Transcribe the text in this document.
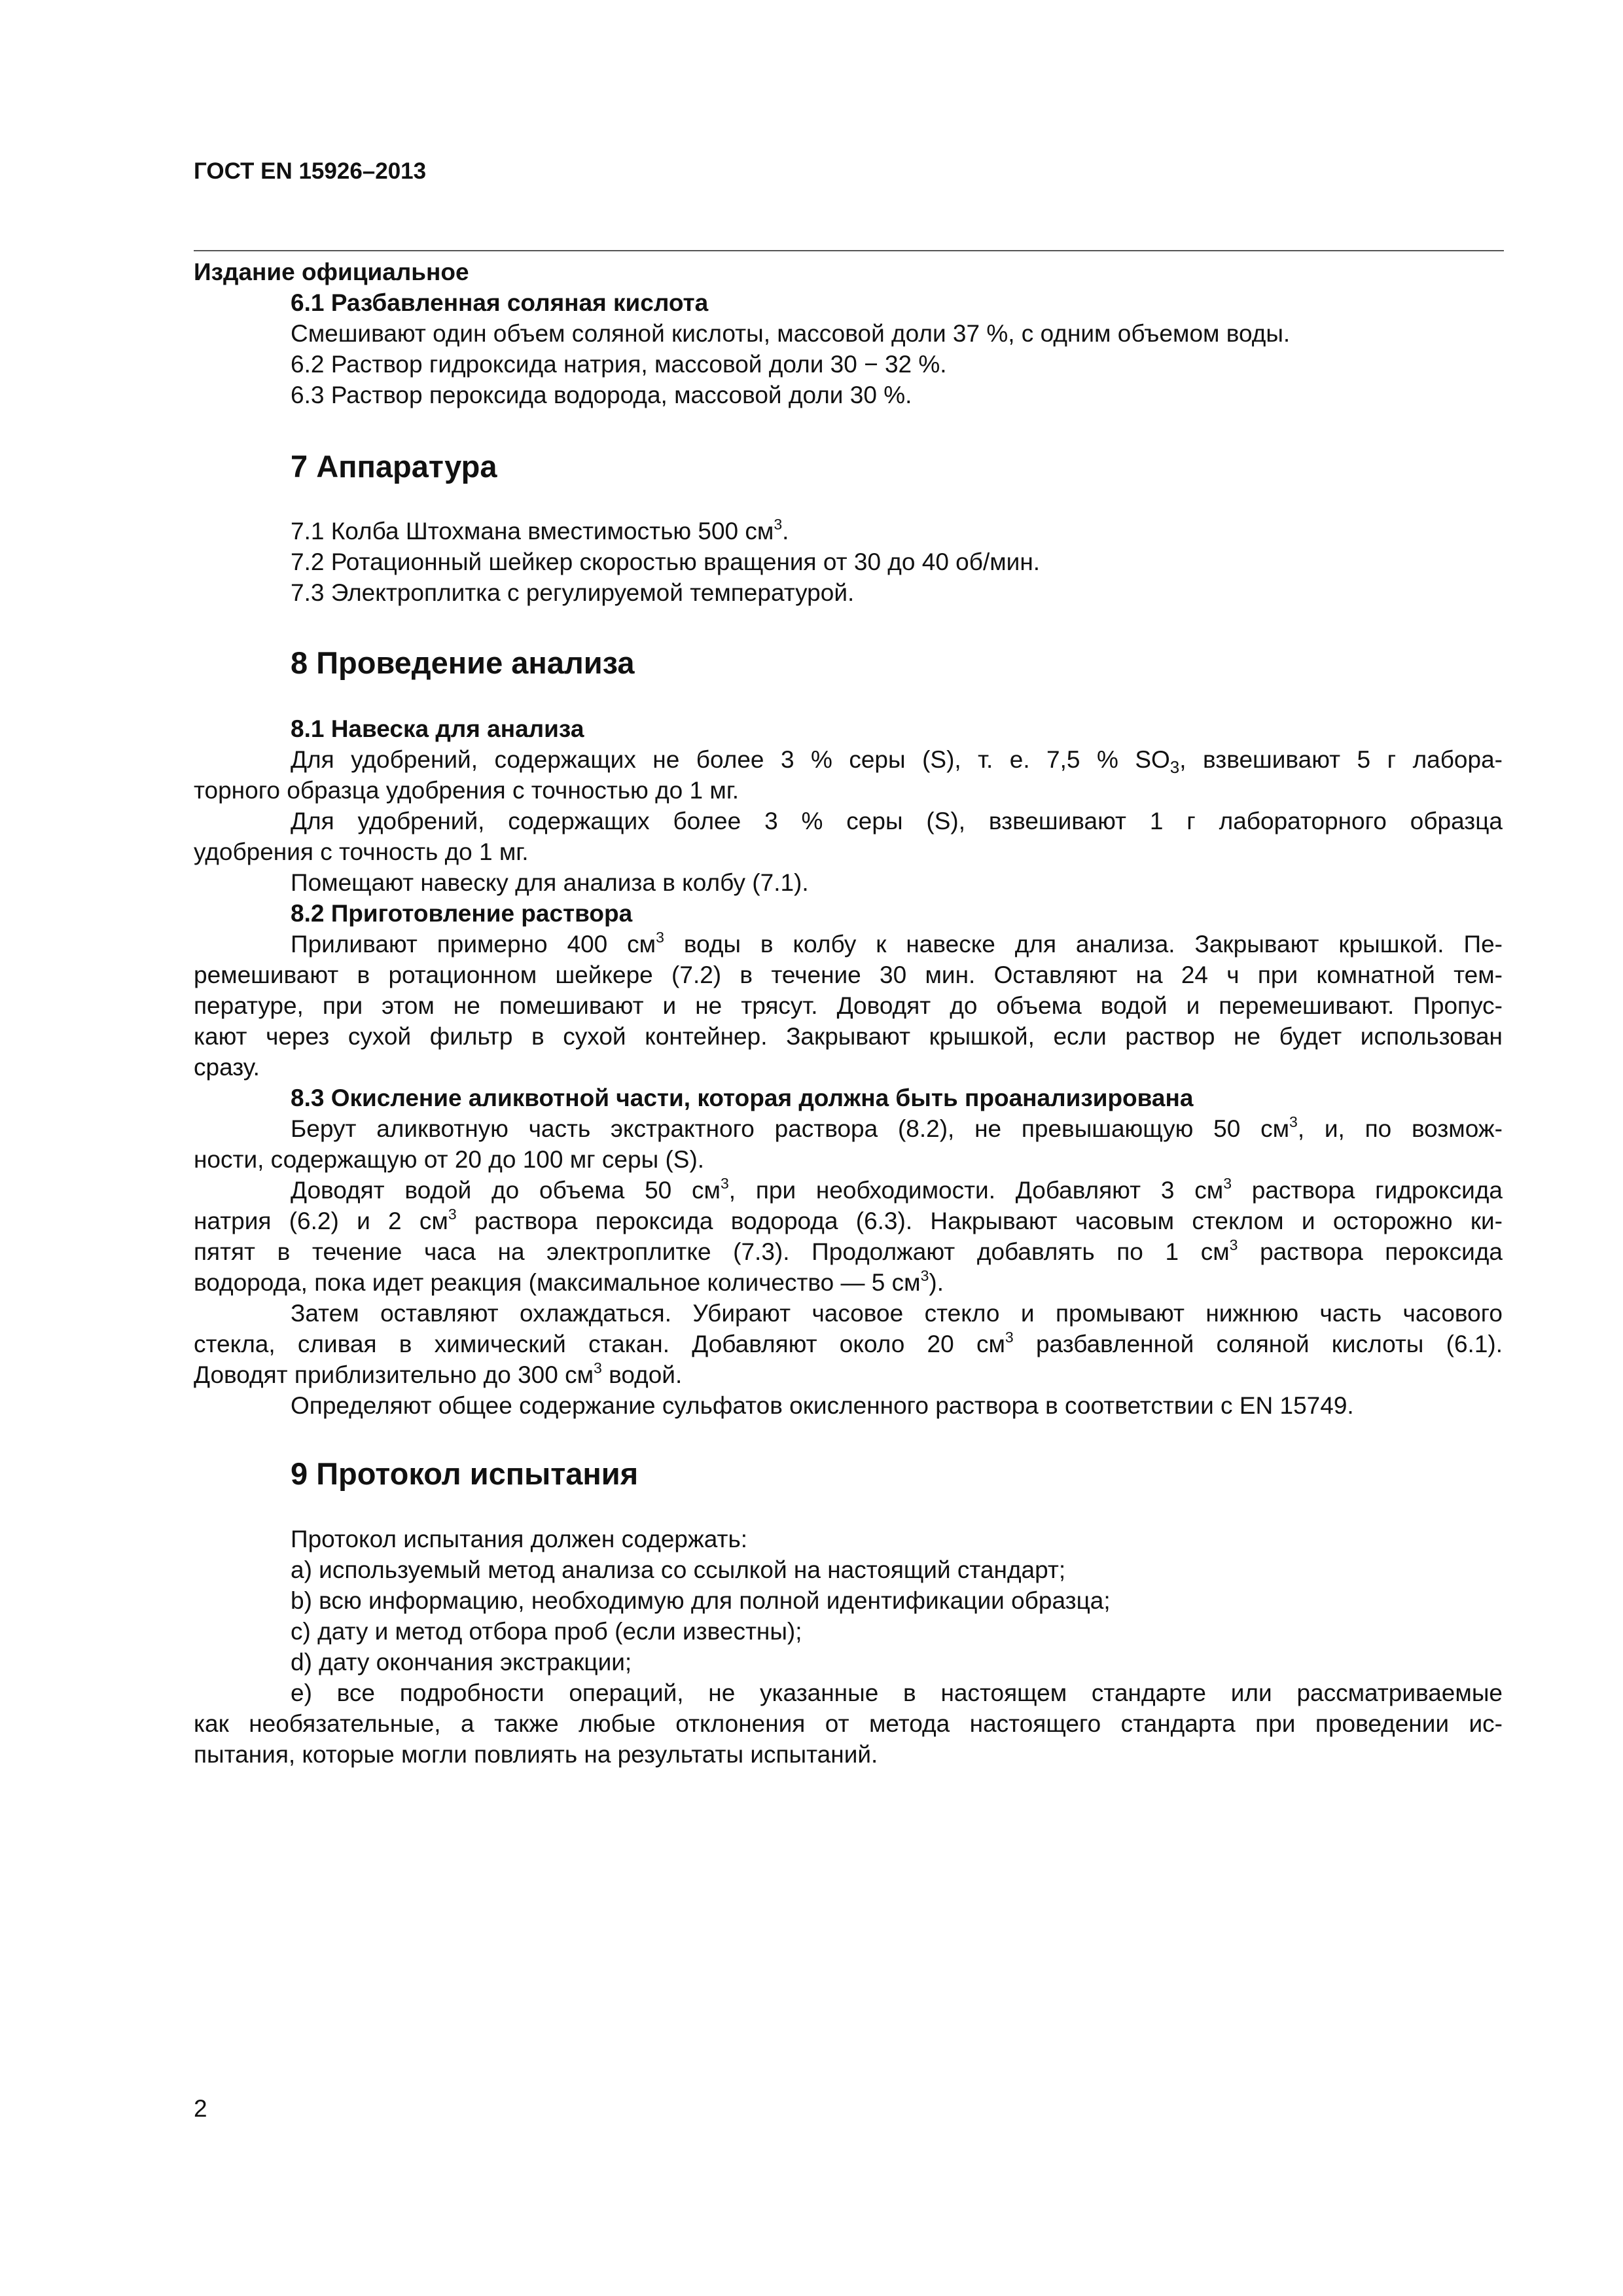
ГОСТ EN 15926–2013
Издание официальное
6.1 Разбавленная соляная кислота
Смешивают один объем соляной кислоты, массовой доли 37 %, с одним объемом воды.
6.2 Раствор гидроксида натрия, массовой доли 30 − 32 %.
6.3 Раствор пероксида водорода, массовой доли 30 %.
7 Аппаратура
7.1 Колба Штохмана вместимостью 500 $см^3$.
7.2 Ротационный шейкер скоростью вращения от 30 до 40 об/мин.
7.3 Электроплитка с регулируемой температурой.
8 Проведение анализа
8.1 Навеска для анализа
Для удобрений, содержащих не более 3 % серы (S), т. е. 7,5 % $SO_3$, взвешивают 5 г лабора-
торного образца удобрения с точностью до 1 мг.
Для удобрений, содержащих более 3 % серы (S), взвешивают 1 г лабораторного образца
удобрения с точность до 1 мг.
Помещают навеску для анализа в колбу (7.1).
8.2 Приготовление раствора
Приливают примерно 400 $см^3$ воды в колбу к навеске для анализа. Закрывают крышкой. Пе-
ремешивают в ротационном шейкере (7.2) в течение 30 мин. Оставляют на 24 ч при комнатной тем-
пературе, при этом не помешивают и не трясут. Доводят до объема водой и перемешивают. Пропус-
кают через сухой фильтр в сухой контейнер. Закрывают крышкой, если раствор не будет использован
сразу.
8.3 Окисление аликвотной части, которая должна быть проанализирована
Берут аликвотную часть экстрактного раствора (8.2), не превышающую 50 $см^3$, и, по возмож-
ности, содержащую от 20 до 100 мг серы (S).
Доводят водой до объема 50 $см^3$, при необходимости. Добавляют 3 $см^3$ раствора гидроксида
натрия (6.2) и 2 $см^3$ раствора пероксида водорода (6.3). Накрывают часовым стеклом и осторожно ки-
пятят в течение часа на электроплитке (7.3). Продолжают добавлять по 1 $см^3$ раствора пероксида
водорода, пока идет реакция (максимальное количество — 5 $см^3$).
Затем оставляют охлаждаться. Убирают часовое стекло и промывают нижнюю часть часового
стекла, сливая в химический стакан. Добавляют около 20 $см^3$ разбавленной соляной кислоты (6.1).
Доводят приблизительно до 300 $см^3$ водой.
Определяют общее содержание сульфатов окисленного раствора в соответствии с EN 15749.
9 Протокол испытания
Протокол испытания должен содержать:
a) используемый метод анализа со ссылкой на настоящий стандарт;
b) всю информацию, необходимую для полной идентификации образца;
c) дату и метод отбора проб (если известны);
d) дату окончания экстракции;
e) все подробности операций, не указанные в настоящем стандарте или рассматриваемые
как необязательные, а также любые отклонения от метода настоящего стандарта при проведении ис-
пытания, которые могли повлиять на результаты испытаний.
2
